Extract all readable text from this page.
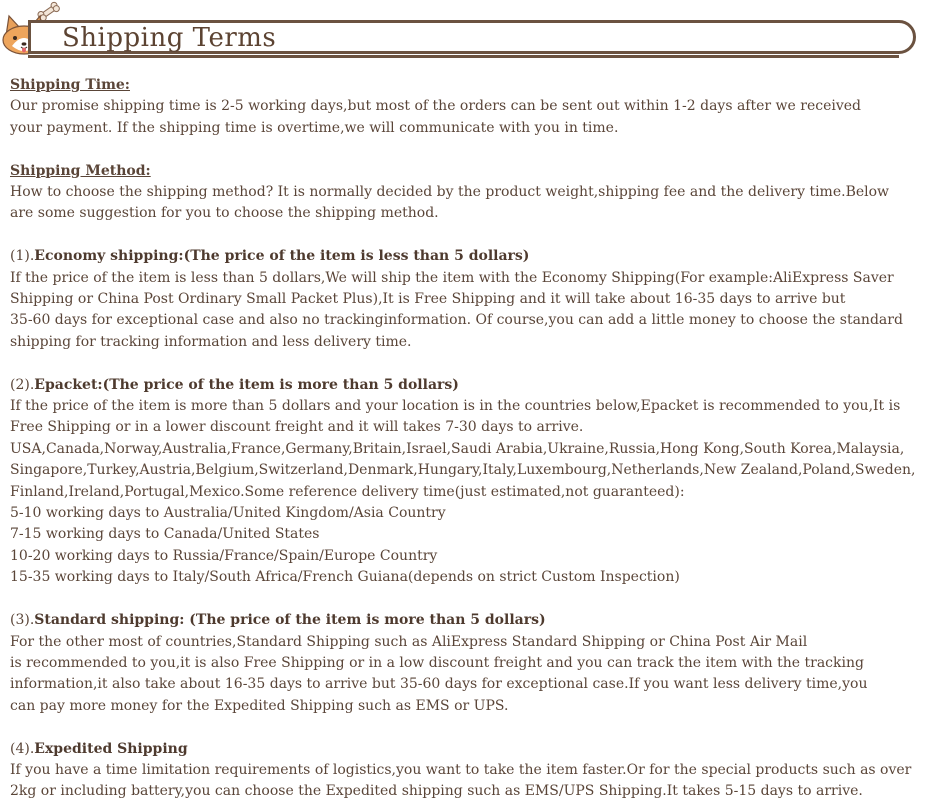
Shipping Terms

Shipping Time:

Our promise shipping time is 2-5 working days,but most of the orders can be sent out within 1-2 days after we received

your payment. If the shipping time is overtime,we will communicate with you in time.

Shipping Method:

How to choose the shipping method? It is normally decided by the product weight,shipping fee and the delivery time.Below

are some suggestion for you to choose the shipping method.

(1).Economy shipping:(The price of the item is less than 5 dollars)

If the price of the item is less than 5 dollars,We will ship the item with the Economy Shipping(For example:AliExpress Saver

Shipping or China Post Ordinary Small Packet Plus),It is Free Shipping and it will take about 16-35 days to arrive but

35-60 days for exceptional case and also no trackinginformation. Of course,you can add a little money to choose the standard

shipping for tracking information and less delivery time.

(2).Epacket:(The price of the item is more than 5 dollars)

If the price of the item is more than 5 dollars and your location is in the countries below,Epacket is recommended to you,It is

Free Shipping or in a lower discount freight and it will takes 7-30 days to arrive.

USA,Canada,Norway,Australia,France,Germany,Britain,Israel,Saudi Arabia,Ukraine,Russia,Hong Kong,South Korea,Malaysia,

Singapore,Turkey,Austria,Belgium,Switzerland,Denmark,Hungary,Italy,Luxembourg,Netherlands,New Zealand,Poland,Sweden,

Finland,Ireland,Portugal,Mexico.Some reference delivery time(just estimated,not guaranteed):

5-10 working days to Australia/United Kingdom/Asia Country

7-15 working days to Canada/United States

10-20 working days to Russia/France/Spain/Europe Country

15-35 working days to Italy/South Africa/French Guiana(depends on strict Custom Inspection)

(3).Standard shipping: (The price of the item is more than 5 dollars)

For the other most of countries,Standard Shipping such as AliExpress Standard Shipping or China Post Air Mail

is recommended to you,it is also Free Shipping or in a low discount freight and you can track the item with the tracking

information,it also take about 16-35 days to arrive but 35-60 days for exceptional case.If you want less delivery time,you

can pay more money for the Expedited Shipping such as EMS or UPS.

(4).Expedited Shipping

If you have a time limitation requirements of logistics,you want to take the item faster.Or for the special products such as over

2kg or including battery,you can choose the Expedited shipping such as EMS/UPS Shipping.It takes 5-15 days to arrive.
